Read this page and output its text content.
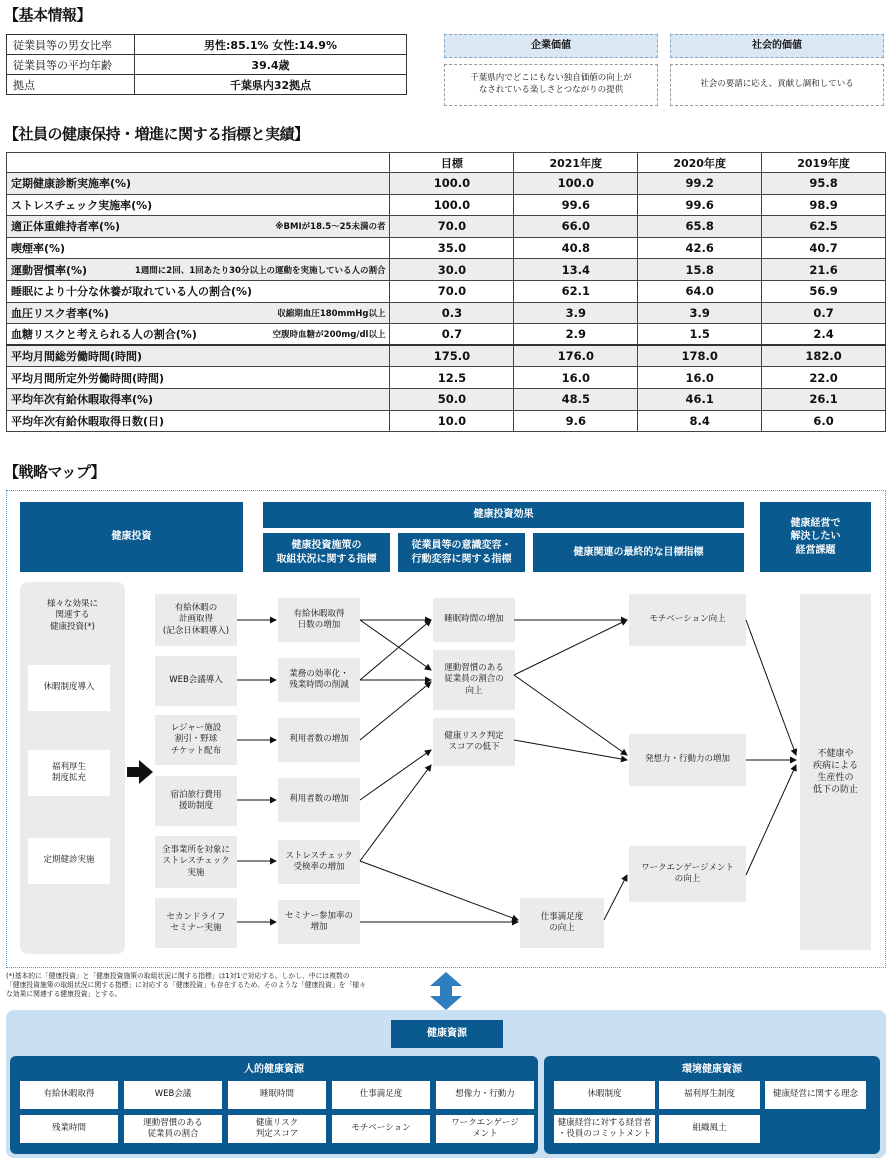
【基本情報】
従業員等の男女比率	男性:85.1% 女性:14.9%
従業員等の平均年齢	39.4歳
拠点	千葉県内32拠点
企業価値
千葉県内でどこにもない独自価値の向上が
なされている楽しさとつながりの提供
社会的価値
社会の要請に応え、貢献し調和している
【社員の健康保持・増進に関する指標と実績】
	目標	2021年度	2020年度	2019年度
定期健康診断実施率(%)	100.0	100.0	99.2	95.8
ストレスチェック実施率(%)	100.0	99.6	99.6	98.9
適正体重維持者率(%) ※BMIが18.5～25未満の者	70.0	66.0	65.8	62.5
喫煙率(%)	35.0	40.8	42.6	40.7
運動習慣率(%) 1週間に2回、1回あたり30分以上の運動を実施している人の割合	30.0	13.4	15.8	21.6
睡眠により十分な休養が取れている人の割合(%)	70.0	62.1	64.0	56.9
血圧リスク者率(%) 収縮期血圧180mmHg以上	0.3	3.9	3.9	0.7
血糖リスクと考えられる人の割合(%) 空腹時血糖が200mg/dl以上	0.7	2.9	1.5	2.4
平均月間総労働時間(時間)	175.0	176.0	178.0	182.0
平均月間所定外労働時間(時間)	12.5	16.0	16.0	22.0
平均年次有給休暇取得率(%)	50.0	48.5	46.1	26.1
平均年次有給休暇取得日数(日)	10.0	9.6	8.4	6.0
【戦略マップ】
健康投資
健康投資効果
健康投資施策の
取組状況に関する指標
従業員等の意識変容・
行動変容に関する指標
健康関連の最終的な目標指標
健康経営で
解決したい
経営課題
様々な効果に
関連する
健康投資(*)
休暇制度導入
福利厚生
制度拡充
定期健診実施
有給休暇の
計画取得
(記念日休暇導入)
WEB会議導入
レジャー施設
割引・野球
チケット配布
宿泊旅行費用
援助制度
全事業所を対象に
ストレスチェック
実施
セカンドライフ
セミナー実施
有給休暇取得
日数の増加
業務の効率化・
残業時間の削減
利用者数の増加
利用者数の増加
ストレスチェック
受検率の増加
セミナー参加率の
増加
睡眠時間の増加
運動習慣のある
従業員の割合の
向上
健康リスク判定
スコアの低下
仕事満足度
の向上
モチベーション向上
発想力・行動力の増加
ワークエンゲージメント
の向上
不健康や
疾病による
生産性の
低下の防止
(*)基本的に「健康投資」と「健康投資施策の取組状況に関する指標」は1対1で対応する。しかし、中には複数の
「健康投資施策の取組状況に関する指標」に対応する「健康投資」も存在するため、そのような「健康投資」を「様々
な効果に関連する健康投資」とする。
健康資源
人的健康資源
有給休暇取得	WEB会議	睡眠時間	仕事満足度	想像力・行動力
残業時間
運動習慣のある
従業員の割合
健康リスク
判定スコア
モチベーション
ワークエンゲージ
メント
環境健康資源
休暇制度	福利厚生制度	健康経営に関する理念
健康経営に対する経営者
・役員のコミットメント
組織風土
